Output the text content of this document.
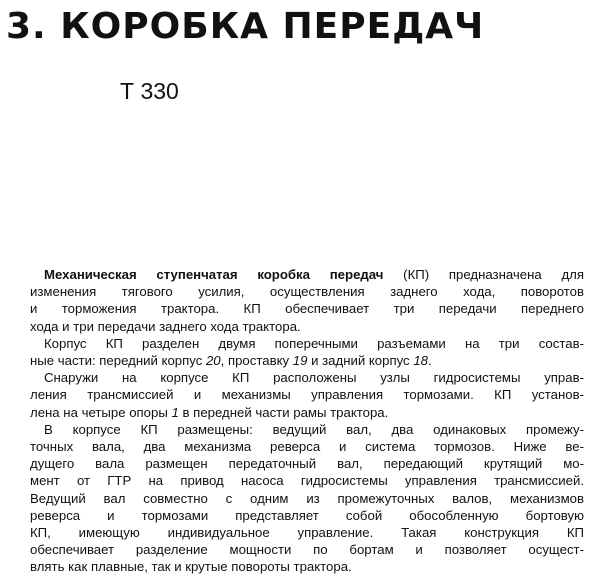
3. КОРОБКА ПЕРЕДАЧ
Т 330
Механическая ступенчатая коробка передач (КП) предназначена для
изменения тягового усилия, осуществления заднего хода, поворотов
и торможения трактора. КП обеспечивает три передачи переднего
хода и три передачи заднего хода трактора.
Корпус КП разделен двумя поперечными разъемами на три состав-
ные части: передний корпус 20, проставку 19 и задний корпус 18.
Снаружи на корпусе КП расположены узлы гидросистемы управ-
ления трансмиссией и механизмы управления тормозами. КП установ-
лена на четыре опоры 1 в передней части рамы трактора.
В корпусе КП размещены: ведущий вал, два одинаковых промежу-
точных вала, два механизма реверса и система тормозов. Ниже ве-
дущего вала размещен передаточный вал, передающий крутящий мо-
мент от ГТР на привод насоса гидросистемы управления трансмиссией.
Ведущий вал совместно с одним из промежуточных валов, механизмов
реверса и тормозами представляет собой обособленную бортовую
КП, имеющую индивидуальное управление. Такая конструкция КП
обеспечивает разделение мощности по бортам и позволяет осущест-
влять как плавные, так и крутые повороты трактора.
